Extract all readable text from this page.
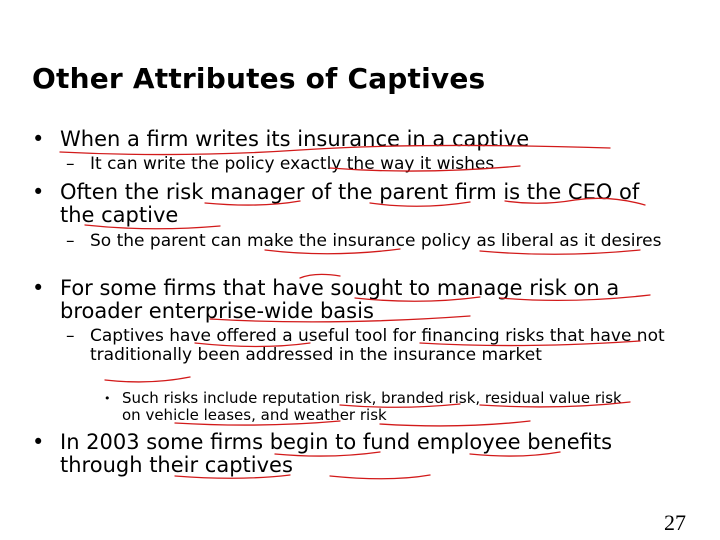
Other Attributes of Captives
• When a firm writes its insurance in a captive
– It can write the policy exactly the way it wishes
• Often the risk manager of the parent firm is the CEO of the captive
– So the parent can make the insurance policy as liberal as it desires
• For some firms that have sought to manage risk on a broader enterprise-wide basis
– Captives have offered a useful tool for financing risks that have not traditionally been addressed in the insurance market
• Such risks include reputation risk, branded risk, residual value risk on vehicle leases, and weather risk
• In 2003 some firms begin to fund employee benefits through their captives
27
